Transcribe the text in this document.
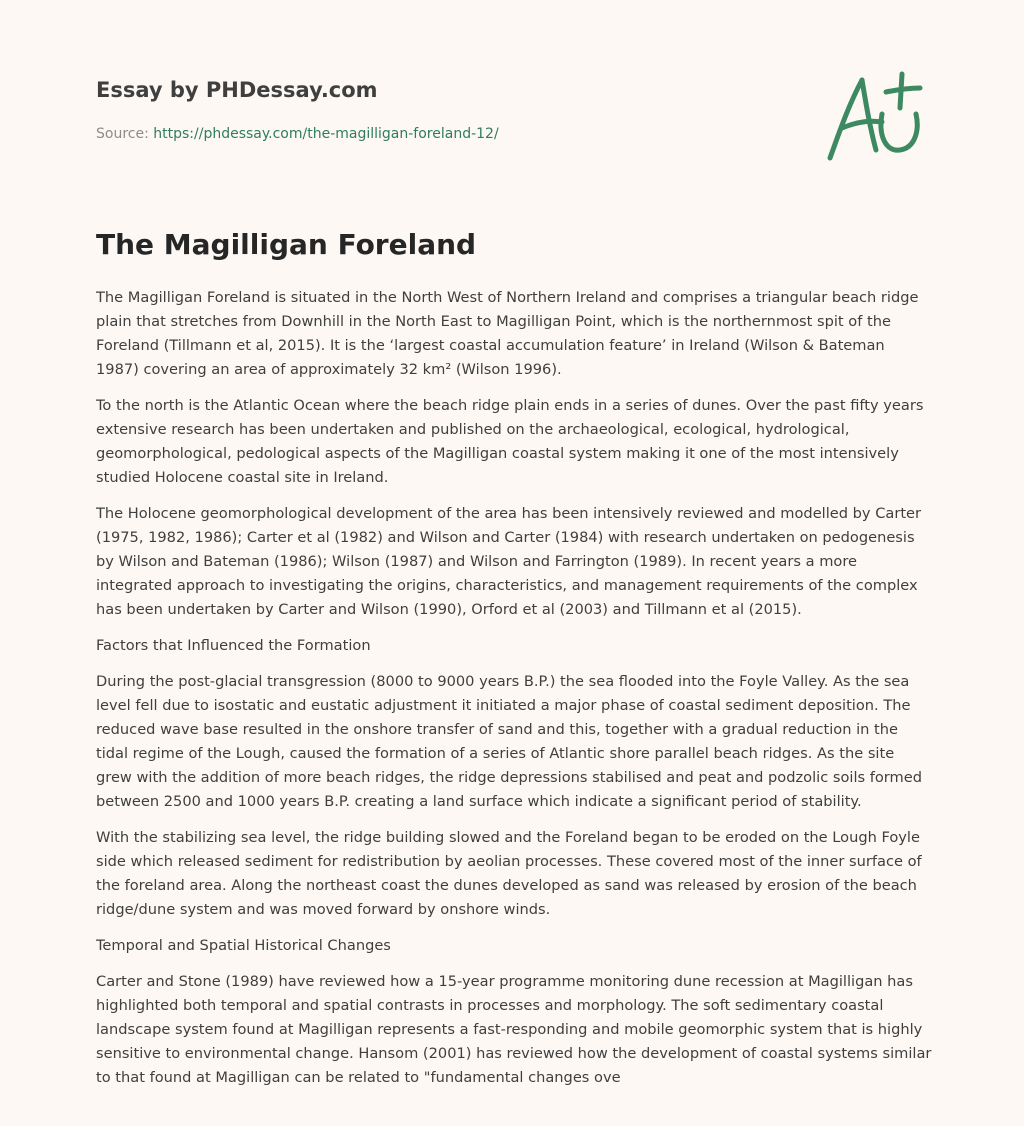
Essay by PHDessay.com

Source: https://phdessay.com/the-magilligan-foreland-12/
The Magilligan Foreland

The Magilligan Foreland is situated in the North West of Northern Ireland and comprises a triangular beach ridge plain that stretches from Downhill in the North East to Magilligan Point, which is the northernmost spit of the Foreland (Tillmann et al, 2015). It is the ‘largest coastal accumulation feature’ in Ireland (Wilson & Bateman 1987) covering an area of approximately 32 km² (Wilson 1996).

To the north is the Atlantic Ocean where the beach ridge plain ends in a series of dunes. Over the past fifty years extensive research has been undertaken and published on the archaeological, ecological, hydrological, geomorphological, pedological aspects of the Magilligan coastal system making it one of the most intensively studied Holocene coastal site in Ireland.

The Holocene geomorphological development of the area has been intensively reviewed and modelled by Carter (1975, 1982, 1986); Carter et al (1982) and Wilson and Carter (1984) with research undertaken on pedogenesis by Wilson and Bateman (1986); Wilson (1987) and Wilson and Farrington (1989). In recent years a more integrated approach to investigating the origins, characteristics, and management requirements of the complex has been undertaken by Carter and Wilson (1990), Orford et al (2003) and Tillmann et al (2015).

Factors that Influenced the Formation

During the post-glacial transgression (8000 to 9000 years B.P.) the sea flooded into the Foyle Valley. As the sea level fell due to isostatic and eustatic adjustment it initiated a major phase of coastal sediment deposition. The reduced wave base resulted in the onshore transfer of sand and this, together with a gradual reduction in the tidal regime of the Lough, caused the formation of a series of Atlantic shore parallel beach ridges. As the site grew with the addition of more beach ridges, the ridge depressions stabilised and peat and podzolic soils formed between 2500 and 1000 years B.P. creating a land surface which indicate a significant period of stability.

With the stabilizing sea level, the ridge building slowed and the Foreland began to be eroded on the Lough Foyle side which released sediment for redistribution by aeolian processes. These covered most of the inner surface of the foreland area. Along the northeast coast the dunes developed as sand was released by erosion of the beach ridge/dune system and was moved forward by onshore winds.

Temporal and Spatial Historical Changes

Carter and Stone (1989) have reviewed how a 15-year programme monitoring dune recession at Magilligan has highlighted both temporal and spatial contrasts in processes and morphology. The soft sedimentary coastal landscape system found at Magilligan represents a fast-responding and mobile geomorphic system that is highly sensitive to environmental change. Hansom (2001) has reviewed how the development of coastal systems similar to that found at Magilligan can be related to "fundamental changes ove
